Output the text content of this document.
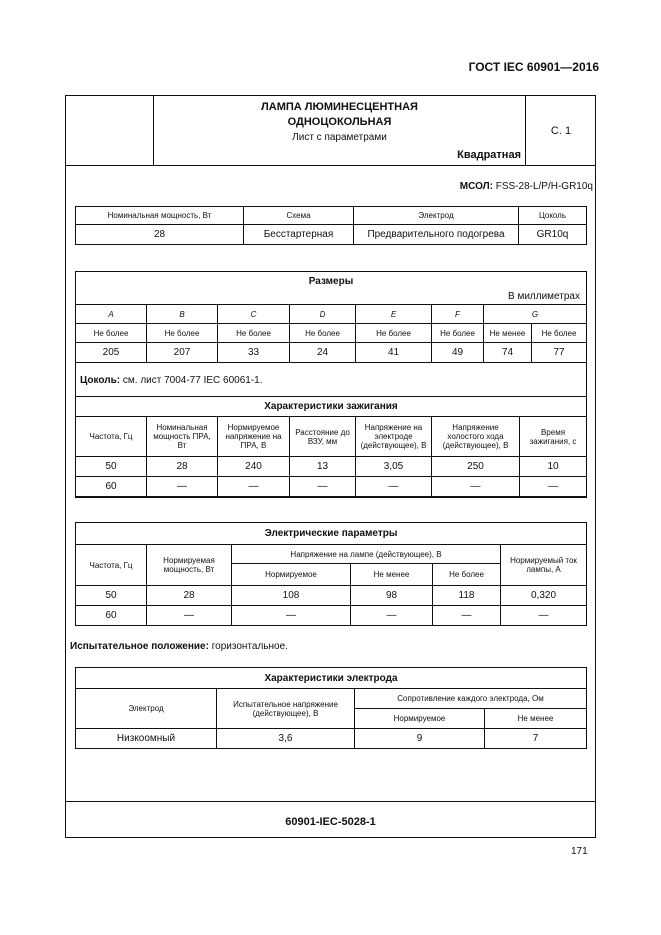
ГОСТ IEC 60901—2016
ЛАМПА ЛЮМИНЕСЦЕНТНАЯ
ОДНОЦОКОЛЬНАЯ
Лист с параметрами
Квадратная
С. 1
60901-IEC-5028-1
МСОЛ: FSS-28-L/P/H-GR10q
Номинальная мощность, Вт	Схема	Электрод	Цоколь
28	Бесстартерная	Предварительного подогрева	GR10q
Размеры
В миллиметрах							

A	B	C	D	E	F	G	
Не более	Не более	Не более	Не более	Не более	Не более	Не менее	Не более
205	207	33	24	41	49	74	77
Цоколь: см. лист 7004-77 IEC 60061-1.
Характеристики зажигания						
Частота, Гц	Номинальная мощность ПРА, Вт	Нормируемое напряжение на ПРА, В	Расстояние до ВЗУ, мм	Напряжение на электроде (действующее), В	Напряжение холостого хода (действующее), В	Время зажигания, с
50	28	240	13	3,05	250	10
60	—	—	—	—	—	—
Электрические параметры					
Частота, Гц	Нормируемая мощность, Вт	Напряжение на лампе (действующее), В			Нормируемый ток лампы, А
		Нормируемое	Не менее	Не более	
50	28	108	98	118	0,320
60	—	—	—	—	—
Испытательное положение: горизонтальное.
Характеристики электрода			
Электрод	Испытательное напряжение (действующее), В	Сопротивление каждого электрода, Ом	
		Нормируемое	Не менее
Низкоомный	3,6	9	7
171
